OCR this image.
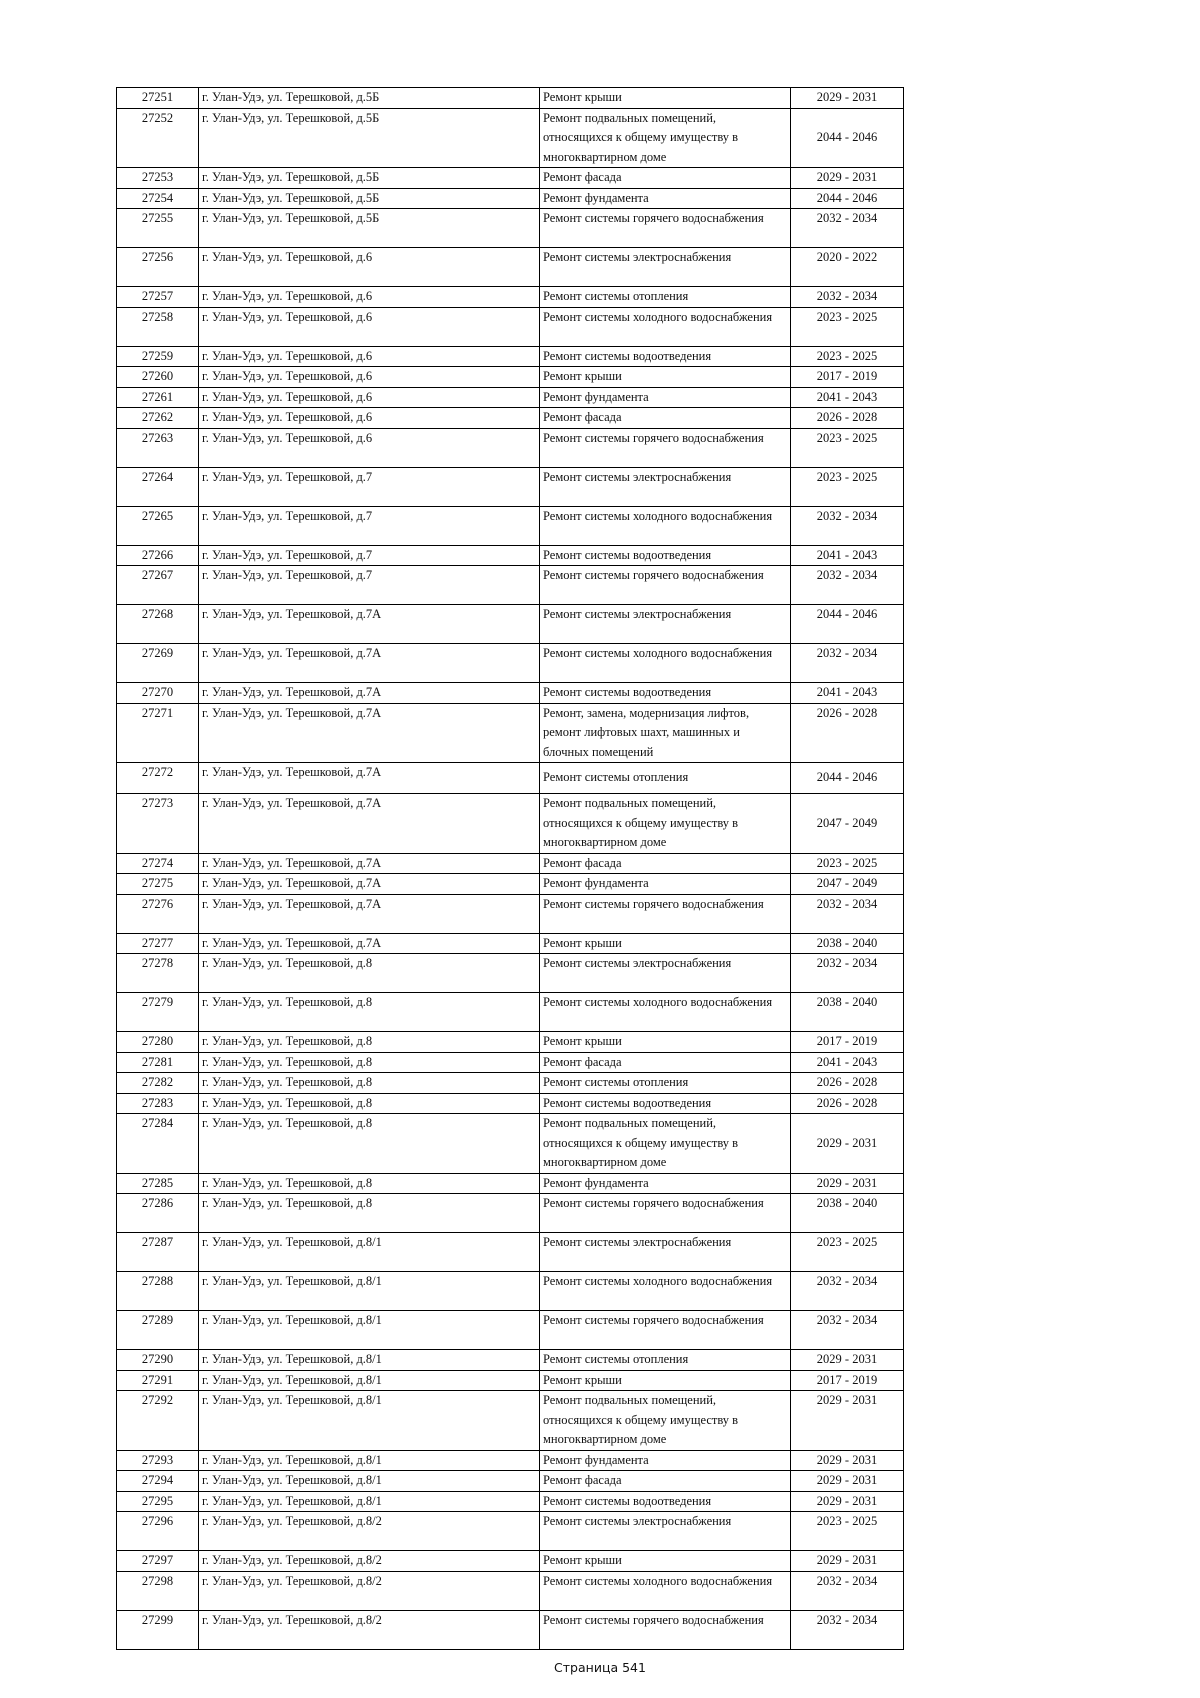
27251	г. Улан-Удэ, ул. Терешковой, д.5Б	Ремонт крыши	2029 - 2031
27252	г. Улан-Удэ, ул. Терешковой, д.5Б	Ремонт подвальных помещений, относящихся к общему имуществу в многоквартирном доме	2044 - 2046
27253	г. Улан-Удэ, ул. Терешковой, д.5Б	Ремонт фасада	2029 - 2031
27254	г. Улан-Удэ, ул. Терешковой, д.5Б	Ремонт фундамента	2044 - 2046
27255	г. Улан-Удэ, ул. Терешковой, д.5Б	Ремонт системы горячего водоснабжения	2032 - 2034
27256	г. Улан-Удэ, ул. Терешковой, д.6	Ремонт системы электроснабжения	2020 - 2022
27257	г. Улан-Удэ, ул. Терешковой, д.6	Ремонт системы отопления	2032 - 2034
27258	г. Улан-Удэ, ул. Терешковой, д.6	Ремонт системы холодного водоснабжения	2023 - 2025
27259	г. Улан-Удэ, ул. Терешковой, д.6	Ремонт системы водоотведения	2023 - 2025
27260	г. Улан-Удэ, ул. Терешковой, д.6	Ремонт крыши	2017 - 2019
27261	г. Улан-Удэ, ул. Терешковой, д.6	Ремонт фундамента	2041 - 2043
27262	г. Улан-Удэ, ул. Терешковой, д.6	Ремонт фасада	2026 - 2028
27263	г. Улан-Удэ, ул. Терешковой, д.6	Ремонт системы горячего водоснабжения	2023 - 2025
27264	г. Улан-Удэ, ул. Терешковой, д.7	Ремонт системы электроснабжения	2023 - 2025
27265	г. Улан-Удэ, ул. Терешковой, д.7	Ремонт системы холодного водоснабжения	2032 - 2034
27266	г. Улан-Удэ, ул. Терешковой, д.7	Ремонт системы водоотведения	2041 - 2043
27267	г. Улан-Удэ, ул. Терешковой, д.7	Ремонт системы горячего водоснабжения	2032 - 2034
27268	г. Улан-Удэ, ул. Терешковой, д.7А	Ремонт системы электроснабжения	2044 - 2046
27269	г. Улан-Удэ, ул. Терешковой, д.7А	Ремонт системы холодного водоснабжения	2032 - 2034
27270	г. Улан-Удэ, ул. Терешковой, д.7А	Ремонт системы водоотведения	2041 - 2043
27271	г. Улан-Удэ, ул. Терешковой, д.7А	Ремонт, замена, модернизация лифтов, ремонт лифтовых шахт, машинных и блочных помещений	2026 - 2028
27272	г. Улан-Удэ, ул. Терешковой, д.7А	Ремонт системы отопления	2044 - 2046
27273	г. Улан-Удэ, ул. Терешковой, д.7А	Ремонт подвальных помещений, относящихся к общему имуществу в многоквартирном доме	2047 - 2049
27274	г. Улан-Удэ, ул. Терешковой, д.7А	Ремонт фасада	2023 - 2025
27275	г. Улан-Удэ, ул. Терешковой, д.7А	Ремонт фундамента	2047 - 2049
27276	г. Улан-Удэ, ул. Терешковой, д.7А	Ремонт системы горячего водоснабжения	2032 - 2034
27277	г. Улан-Удэ, ул. Терешковой, д.7А	Ремонт крыши	2038 - 2040
27278	г. Улан-Удэ, ул. Терешковой, д.8	Ремонт системы электроснабжения	2032 - 2034
27279	г. Улан-Удэ, ул. Терешковой, д.8	Ремонт системы холодного водоснабжения	2038 - 2040
27280	г. Улан-Удэ, ул. Терешковой, д.8	Ремонт крыши	2017 - 2019
27281	г. Улан-Удэ, ул. Терешковой, д.8	Ремонт фасада	2041 - 2043
27282	г. Улан-Удэ, ул. Терешковой, д.8	Ремонт системы отопления	2026 - 2028
27283	г. Улан-Удэ, ул. Терешковой, д.8	Ремонт системы водоотведения	2026 - 2028
27284	г. Улан-Удэ, ул. Терешковой, д.8	Ремонт подвальных помещений, относящихся к общему имуществу в многоквартирном доме	2029 - 2031
27285	г. Улан-Удэ, ул. Терешковой, д.8	Ремонт фундамента	2029 - 2031
27286	г. Улан-Удэ, ул. Терешковой, д.8	Ремонт системы горячего водоснабжения	2038 - 2040
27287	г. Улан-Удэ, ул. Терешковой, д.8/1	Ремонт системы электроснабжения	2023 - 2025
27288	г. Улан-Удэ, ул. Терешковой, д.8/1	Ремонт системы холодного водоснабжения	2032 - 2034
27289	г. Улан-Удэ, ул. Терешковой, д.8/1	Ремонт системы горячего водоснабжения	2032 - 2034
27290	г. Улан-Удэ, ул. Терешковой, д.8/1	Ремонт системы отопления	2029 - 2031
27291	г. Улан-Удэ, ул. Терешковой, д.8/1	Ремонт крыши	2017 - 2019
27292	г. Улан-Удэ, ул. Терешковой, д.8/1	Ремонт подвальных помещений, относящихся к общему имуществу в многоквартирном доме	2029 - 2031
27293	г. Улан-Удэ, ул. Терешковой, д.8/1	Ремонт фундамента	2029 - 2031
27294	г. Улан-Удэ, ул. Терешковой, д.8/1	Ремонт фасада	2029 - 2031
27295	г. Улан-Удэ, ул. Терешковой, д.8/1	Ремонт системы водоотведения	2029 - 2031
27296	г. Улан-Удэ, ул. Терешковой, д.8/2	Ремонт системы электроснабжения	2023 - 2025
27297	г. Улан-Удэ, ул. Терешковой, д.8/2	Ремонт крыши	2029 - 2031
27298	г. Улан-Удэ, ул. Терешковой, д.8/2	Ремонт системы холодного водоснабжения	2032 - 2034
27299	г. Улан-Удэ, ул. Терешковой, д.8/2	Ремонт системы горячего водоснабжения	2032 - 2034
Страница 541
